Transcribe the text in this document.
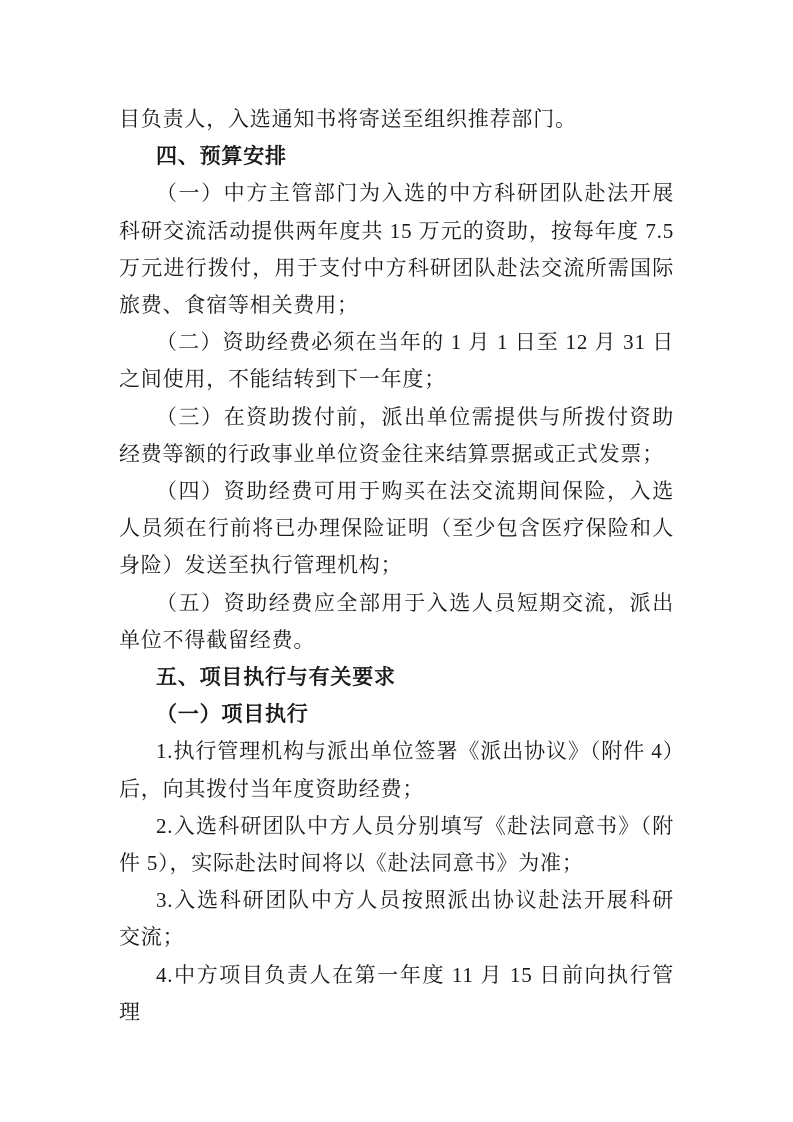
目负责人，入选通知书将寄送至组织推荐部门。

四、预算安排

（一）中方主管部门为入选的中方科研团队赴法开展科研交流活动提供两年度共 15 万元的资助，按每年度 7.5 万元进行拨付，用于支付中方科研团队赴法交流所需国际旅费、食宿等相关费用；

（二）资助经费必须在当年的 1 月 1 日至 12 月 31 日之间使用，不能结转到下一年度；

（三）在资助拨付前，派出单位需提供与所拨付资助经费等额的行政事业单位资金往来结算票据或正式发票；

（四）资助经费可用于购买在法交流期间保险，入选人员须在行前将已办理保险证明（至少包含医疗保险和人身险）发送至执行管理机构；

（五）资助经费应全部用于入选人员短期交流，派出单位不得截留经费。

五、项目执行与有关要求

（一）项目执行

1.执行管理机构与派出单位签署《派出协议》（附件 4）后，向其拨付当年度资助经费；

2.入选科研团队中方人员分别填写《赴法同意书》（附件 5），实际赴法时间将以《赴法同意书》为准；

3.入选科研团队中方人员按照派出协议赴法开展科研交流；

4.中方项目负责人在第一年度 11 月 15 日前向执行管理
